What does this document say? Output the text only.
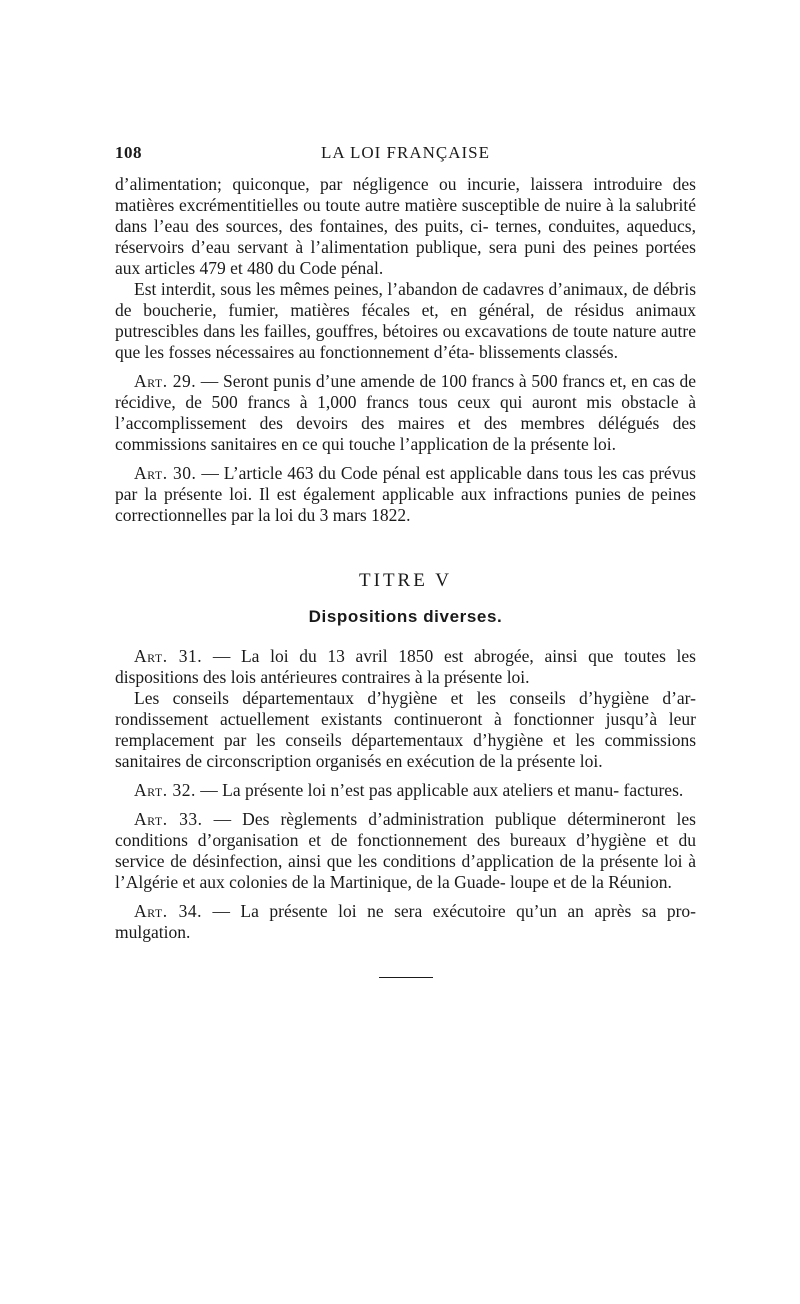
108	LA LOI FRANÇAISE

d’alimentation; quiconque, par négligence ou incurie, laissera introduire des matières excrémentitielles ou toute autre matière susceptible de nuire à la salubrité dans l’eau des sources, des fontaines, des puits, ci- ternes, conduites, aqueducs, réservoirs d’eau servant à l’alimentation publique, sera puni des peines portées aux articles 479 et 480 du Code pénal.

Est interdit, sous les mêmes peines, l’abandon de cadavres d’animaux, de débris de boucherie, fumier, matières fécales et, en général, de résidus animaux putrescibles dans les failles, gouffres, bétoires ou excavations de toute nature autre que les fosses nécessaires au fonctionnement d’éta- blissements classés.

Art. 29. — Seront punis d’une amende de 100 francs à 500 francs et, en cas de récidive, de 500 francs à 1,000 francs tous ceux qui auront mis obstacle à l’accomplissement des devoirs des maires et des membres délégués des commissions sanitaires en ce qui touche l’application de la présente loi.

Art. 30. — L’article 463 du Code pénal est applicable dans tous les cas prévus par la présente loi. Il est également applicable aux infractions punies de peines correctionnelles par la loi du 3 mars 1822.

TITRE V
Dispositions diverses.

Art. 31. — La loi du 13 avril 1850 est abrogée, ainsi que toutes les dispositions des lois antérieures contraires à la présente loi.

Les conseils départementaux d’hygiène et les conseils d’hygiène d’ar- rondissement actuellement existants continueront à fonctionner jusqu’à leur remplacement par les conseils départementaux d’hygiène et les commissions sanitaires de circonscription organisés en exécution de la présente loi.

Art. 32. — La présente loi n’est pas applicable aux ateliers et manu- factures.

Art. 33. — Des règlements d’administration publique détermineront les conditions d’organisation et de fonctionnement des bureaux d’hygiène et du service de désinfection, ainsi que les conditions d’application de la présente loi à l’Algérie et aux colonies de la Martinique, de la Guade- loupe et de la Réunion.

Art. 34. — La présente loi ne sera exécutoire qu’un an après sa pro- mulgation.
